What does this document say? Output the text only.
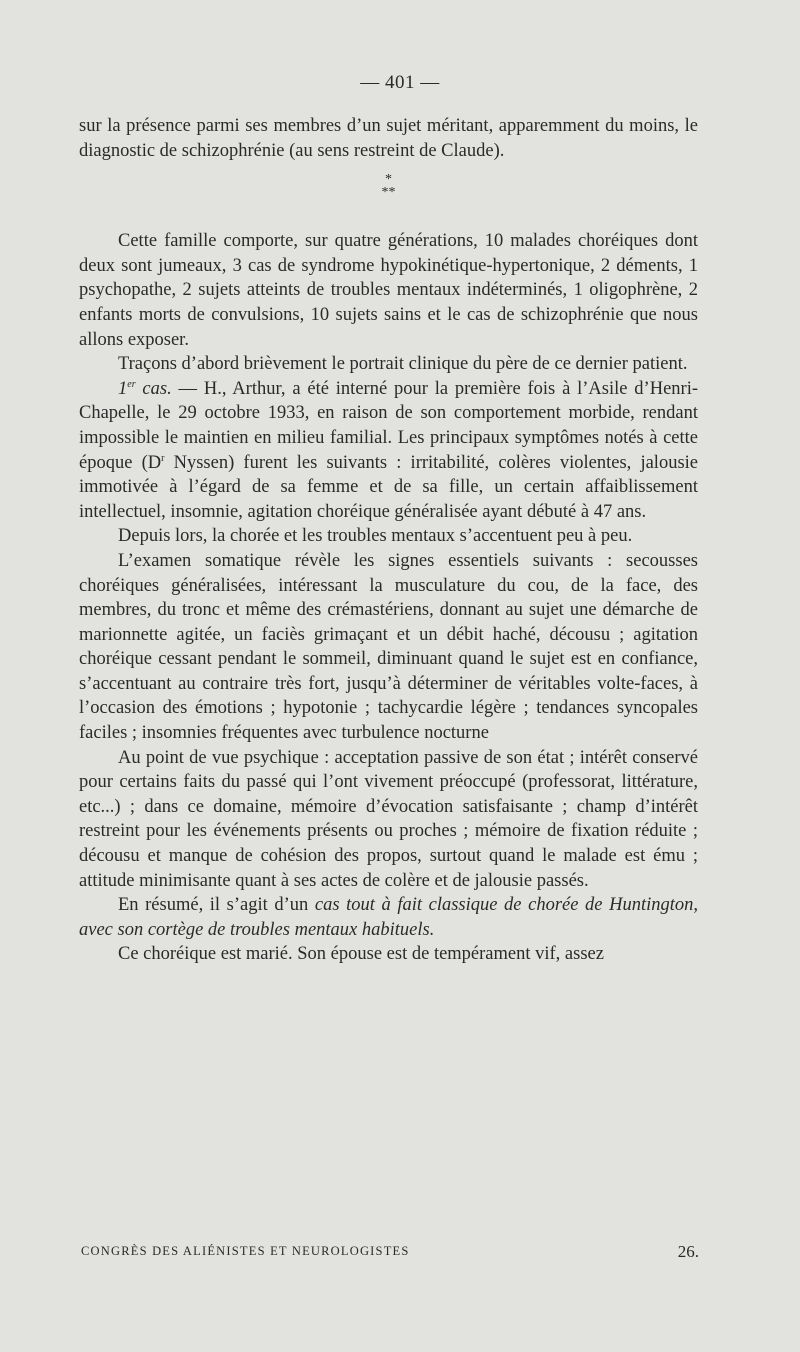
— 401 —

sur la présence parmi ses membres d’un sujet méritant, apparemment du moins, le diagnostic de schizophrénie (au sens restreint de Claude).

*
**

Cette famille comporte, sur quatre générations, 10 malades choréiques dont deux sont jumeaux, 3 cas de syndrome hypokinétique-hypertonique, 2 déments, 1 psychopathe, 2 sujets atteints de troubles mentaux indéterminés, 1 oligophrène, 2 enfants morts de convulsions, 10 sujets sains et le cas de schizophrénie que nous allons exposer.

Traçons d’abord brièvement le portrait clinique du père de ce dernier patient.

1er cas. — H., Arthur, a été interné pour la première fois à l’Asile d’Henri-Chapelle, le 29 octobre 1933, en raison de son comportement morbide, rendant impossible le maintien en milieu familial. Les principaux symptômes notés à cette époque ($D^r$ Nyssen) furent les suivants : irritabilité, colères violentes, jalousie immotivée à l’égard de sa femme et de sa fille, un certain affaiblissement intellectuel, insomnie, agitation choréique généralisée ayant débuté à 47 ans.

Depuis lors, la chorée et les troubles mentaux s’accentuent peu à peu.

L’examen somatique révèle les signes essentiels suivants : secousses choréiques généralisées, intéressant la musculature du cou, de la face, des membres, du tronc et même des crémastériens, donnant au sujet une démarche de marionnette agitée, un faciès grimaçant et un débit haché, décousu ; agitation choréique cessant pendant le sommeil, diminuant quand le sujet est en confiance, s’accentuant au contraire très fort, jusqu’à déterminer de véritables volte-faces, à l’occasion des émotions ; hypotonie ; tachycardie légère ; tendances syncopales faciles ; insomnies fréquentes avec turbulence nocturne

Au point de vue psychique : acceptation passive de son état ; intérêt conservé pour certains faits du passé qui l’ont vivement préoccupé (professorat, littérature, etc...) ; dans ce domaine, mémoire d’évocation satisfaisante ; champ d’intérêt restreint pour les événements présents ou proches ; mémoire de fixation réduite ; décousu et manque de cohésion des propos, surtout quand le malade est ému ; attitude minimisante quant à ses actes de colère et de jalousie passés.

En résumé, il s’agit d’un cas tout à fait classique de chorée de Huntington, avec son cortège de troubles mentaux habituels.

Ce choréique est marié. Son épouse est de tempérament vif, assez

CONGRÈS DES ALIÉNISTES ET NEUROLOGISTES	26.
